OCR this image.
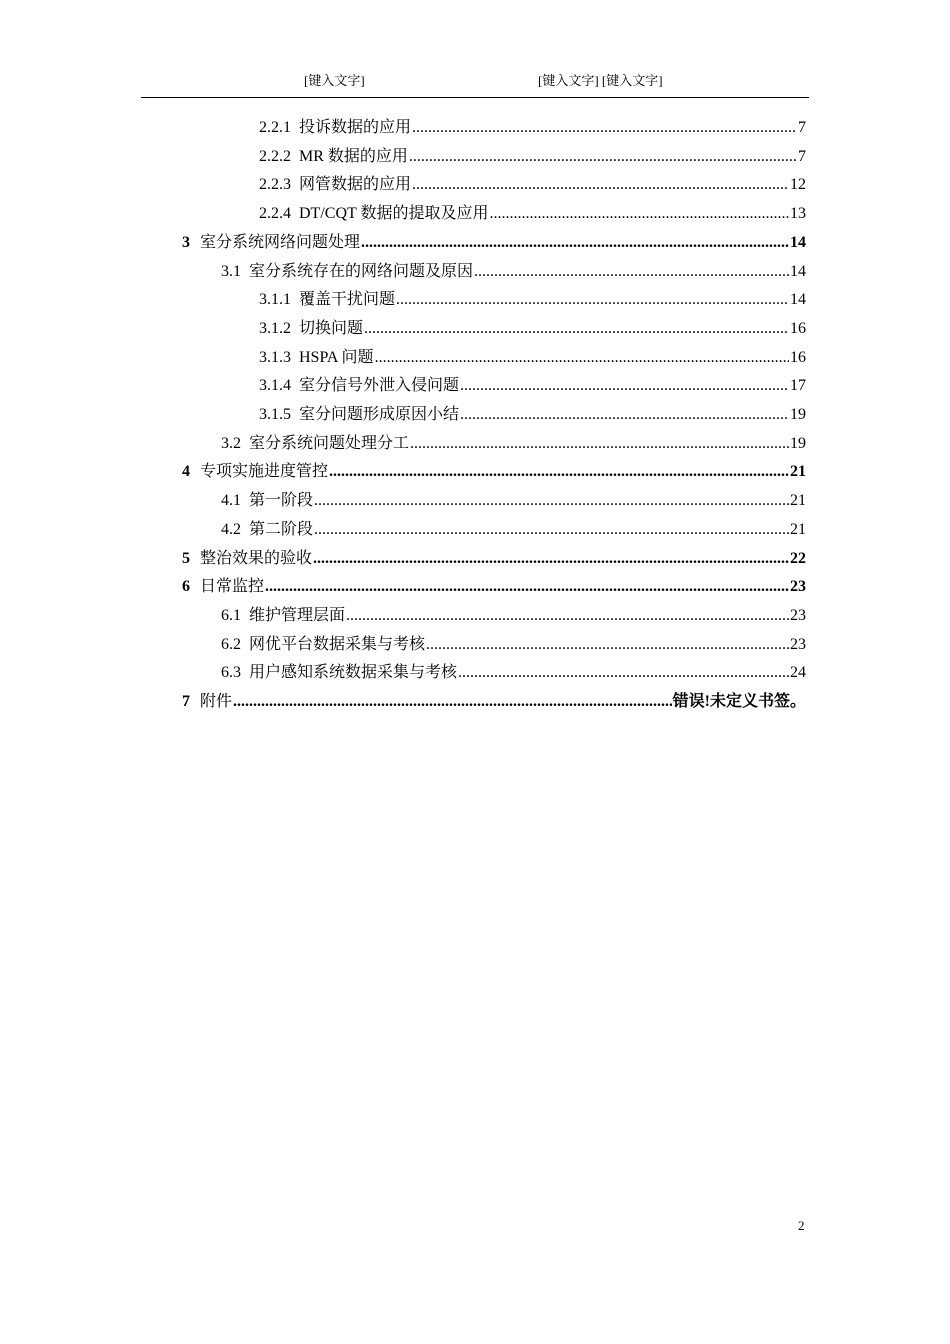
[键入文字]	[键入文字] [键入文字]
2.2.1 投诉数据的应用 .....	7
2.2.2 MR 数据的应用 .....	7
2.2.3 网管数据的应用 .....	12
2.2.4 DT/CQT 数据的提取及应用 .....	13
3 室分系统网络问题处理 .....	14
3.1 室分系统存在的网络问题及原因 .....	14
3.1.1 覆盖干扰问题 .....	14
3.1.2 切换问题 .....	16
3.1.3 HSPA 问题 .....	16
3.1.4 室分信号外泄入侵问题 .....	17
3.1.5 室分问题形成原因小结 .....	19
3.2 室分系统问题处理分工 .....	19
4 专项实施进度管控 .....	21
4.1 第一阶段 .....	21
4.2 第二阶段 .....	21
5 整治效果的验收 .....	22
6 日常监控 .....	23
6.1 维护管理层面 .....	23
6.2 网优平台数据采集与考核 .....	23
6.3 用户感知系统数据采集与考核 .....	24
7 附件 .....	错误!未定义书签。
2
